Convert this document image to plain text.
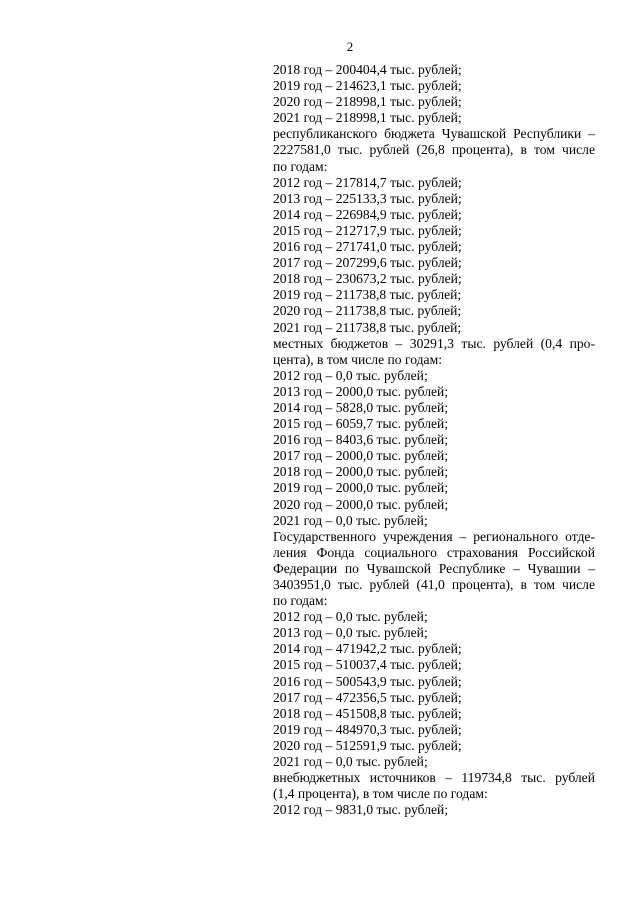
2
2018 год – 200404,4 тыс. рублей;
2019 год – 214623,1 тыс. рублей;
2020 год – 218998,1 тыс. рублей;
2021 год – 218998,1 тыс. рублей;
республиканского бюджета Чувашской Республики –
2227581,0 тыс. рублей (26,8 процента), в том числе
по годам:
2012 год – 217814,7 тыс. рублей;
2013 год – 225133,3 тыс. рублей;
2014 год – 226984,9 тыс. рублей;
2015 год – 212717,9 тыс. рублей;
2016 год – 271741,0 тыс. рублей;
2017 год – 207299,6 тыс. рублей;
2018 год – 230673,2 тыс. рублей;
2019 год – 211738,8 тыс. рублей;
2020 год – 211738,8 тыс. рублей;
2021 год – 211738,8 тыс. рублей;
местных бюджетов – 30291,3 тыс. рублей (0,4 про-
цента), в том числе по годам:
2012 год – 0,0 тыс. рублей;
2013 год – 2000,0 тыс. рублей;
2014 год – 5828,0 тыс. рублей;
2015 год – 6059,7 тыс. рублей;
2016 год – 8403,6 тыс. рублей;
2017 год – 2000,0 тыс. рублей;
2018 год – 2000,0 тыс. рублей;
2019 год – 2000,0 тыс. рублей;
2020 год – 2000,0 тыс. рублей;
2021 год – 0,0 тыс. рублей;
Государственного учреждения – регионального отде-
ления Фонда социального страхования Российской
Федерации по Чувашской Республике – Чувашии –
3403951,0 тыс. рублей (41,0 процента), в том числе
по годам:
2012 год – 0,0 тыс. рублей;
2013 год – 0,0 тыс. рублей;
2014 год – 471942,2 тыс. рублей;
2015 год – 510037,4 тыс. рублей;
2016 год – 500543,9 тыс. рублей;
2017 год – 472356,5 тыс. рублей;
2018 год – 451508,8 тыс. рублей;
2019 год – 484970,3 тыс. рублей;
2020 год – 512591,9 тыс. рублей;
2021 год – 0,0 тыс. рублей;
внебюджетных источников – 119734,8 тыс. рублей
(1,4 процента), в том числе по годам:
2012 год – 9831,0 тыс. рублей;
